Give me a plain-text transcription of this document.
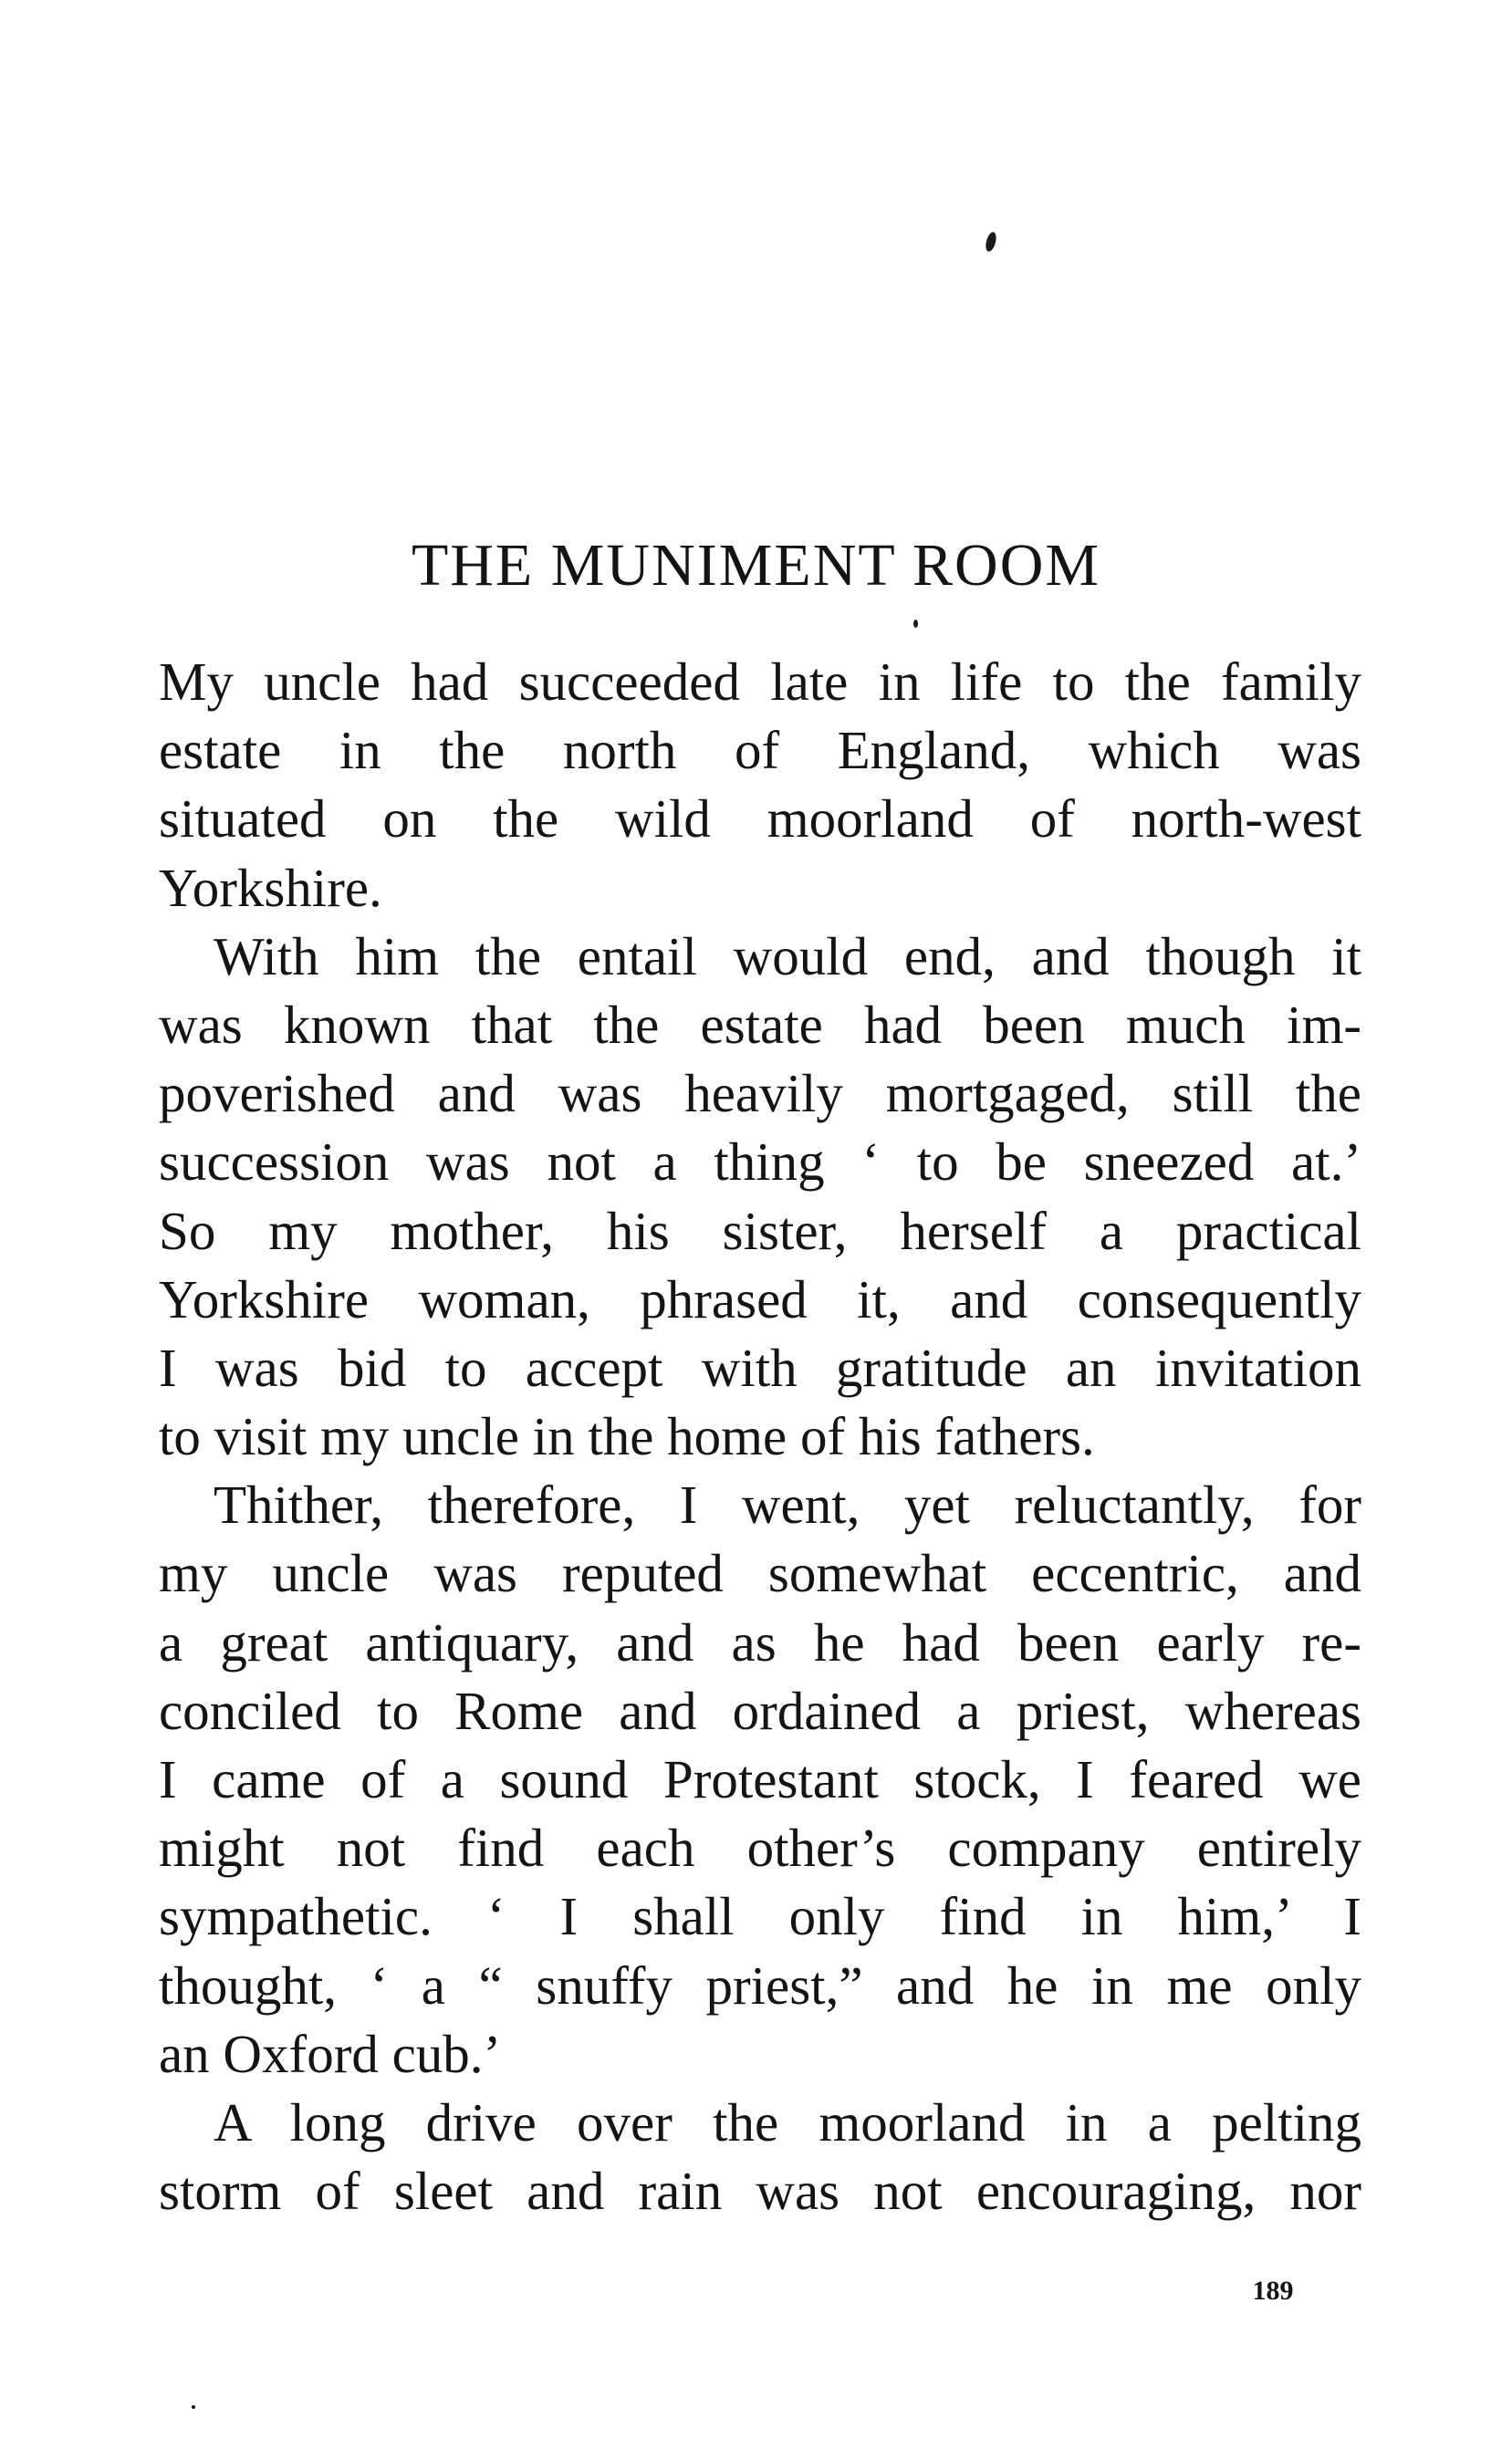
THE MUNIMENT ROOM
My uncle had succeeded late in life to the family
estate in the north of England, which was
situated on the wild moorland of north-west
Yorkshire.
With him the entail would end, and though it
was known that the estate had been much im-
poverished and was heavily mortgaged, still the
succession was not a thing ‘ to be sneezed at.’
So my mother, his sister, herself a practical
Yorkshire woman, phrased it, and consequently
I was bid to accept with gratitude an invitation
to visit my uncle in the home of his fathers.
Thither, therefore, I went, yet reluctantly, for
my uncle was reputed somewhat eccentric, and
a great antiquary, and as he had been early re-
conciled to Rome and ordained a priest, whereas
I came of a sound Protestant stock, I feared we
might not find each other’s company entirely
sympathetic. ‘ I shall only find in him,’ I
thought, ‘ a “ snuffy priest,” and he in me only
an Oxford cub.’
A long drive over the moorland in a pelting
storm of sleet and rain was not encouraging, nor
189
